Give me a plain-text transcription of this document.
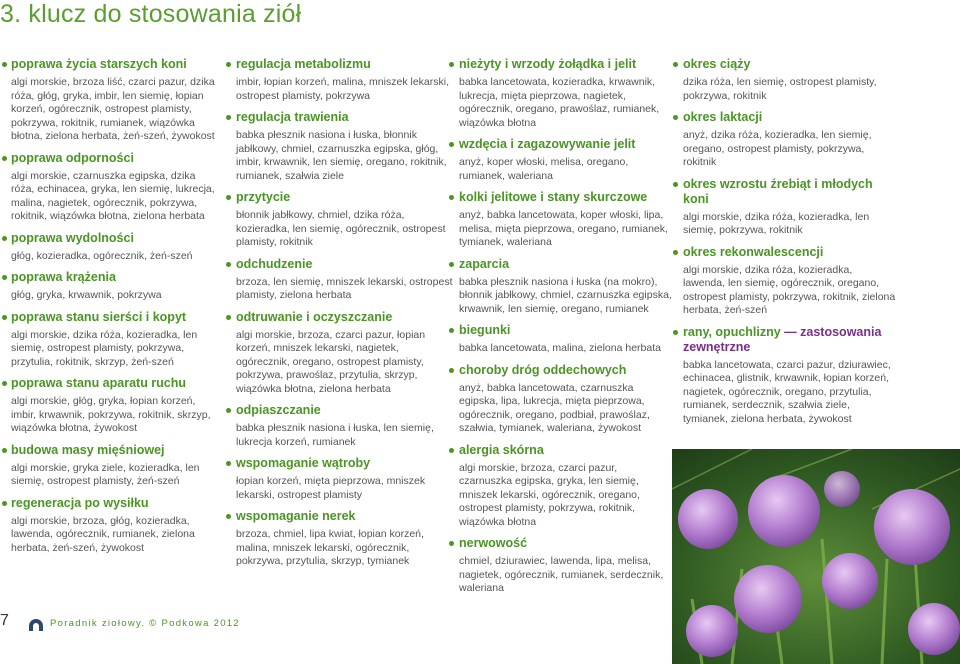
3. klucz do stosowania ziół
poprawa życia starszych koni
algi morskie, brzoza liść, czarci pazur, dzika róża, głóg, gryka, imbir, len siemię, łopian korzeń, ogórecznik, ostropest plamisty, pokrzywa, rokitnik, rumianek, wiązówka błotna, zielona herbata, żeń-szeń, żywokost
poprawa odporności
algi morskie, czarnuszka egipska, dzika róża, echinacea, gryka, len siemię, lukrecja, malina, nagietek, ogórecznik, pokrzywa, rokitnik, wiązówka błotna, zielona herbata
poprawa wydolności
głóg, kozieradka, ogórecznik, żeń-szeń
poprawa krążenia
głóg, gryka, krwawnik, pokrzywa
poprawa stanu sierści i kopyt
algi morskie, dzika róża, kozieradka, len siemię, ostropest plamisty, pokrzywa, przytulia, rokitnik, skrzyp, żeń-szeń
poprawa stanu aparatu ruchu
algi morskie, głóg, gryka, łopian korzeń, imbir, krwawnik, pokrzywa, rokitnik, skrzyp, wiązówka błotna, żywokost
budowa masy mięśniowej
algi morskie, gryka ziele, kozieradka, len siemię, ostropest plamisty, żeń-szeń
regeneracja po wysiłku
algi morskie, brzoza, głóg, kozieradka, lawenda, ogórecznik, rumianek, zielona herbata, żeń-szeń, żywokost
regulacja metabolizmu
imbir, łopian korzeń, malina, mniszek lekarski, ostropest plamisty, pokrzywa
regulacja trawienia
babka płesznik nasiona i łuska, błonnik jabłkowy, chmiel, czarnuszka egipska, głóg, imbir, krwawnik, len siemię, oregano, rokitnik, rumianek, szałwia ziele
przytycie
błonnik jabłkowy, chmiel, dzika róża, kozieradka, len siemię, ogórecznik, ostropest plamisty, rokitnik
odchudzenie
brzoza, len siemię, mniszek lekarski, ostropest plamisty, zielona herbata
odtruwanie i oczyszczanie
algi morskie, brzoza, czarci pazur, łopian korzeń, mniszek lekarski, nagietek, ogórecznik, oregano, ostropest plamisty, pokrzywa, prawoślaz, przytulia, skrzyp, wiązówka błotna, zielona herbata
odpiaszczanie
babka płesznik nasiona i łuska, len siemię, lukrecja korzeń, rumianek
wspomaganie wątroby
łopian korzeń, mięta pieprzowa, mniszek lekarski, ostropest plamisty
wspomaganie nerek
brzoza, chmiel, lipa kwiat, łopian korzeń, malina, mniszek lekarski, ogórecznik, pokrzywa, przytulia, skrzyp, tymianek
nieżyty i wrzody żołądka i jelit
babka lancetowata, kozieradka, krwawnik, lukrecja, mięta pieprzowa, nagietek, ogórecznik, oregano, prawoślaz, rumianek, wiązówka błotna
wzdęcia i zagazowywanie jelit
anyż, koper włoski, melisa, oregano, rumianek, waleriana
kolki jelitowe i stany skurczowe
anyż, babka lancetowata, koper włoski, lipa, melisa, mięta pieprzowa, oregano, rumianek, tymianek, waleriana
zaparcia
babka płesznik nasiona i łuska (na mokro), błonnik jabłkowy, chmiel, czarnuszka egipska, krwawnik, len siemię, oregano, rumianek
biegunki
babka lancetowata, malina, zielona herbata
choroby dróg oddechowych
anyż, babka lancetowata, czarnuszka egipska, lipa, lukrecja, mięta pieprzowa, ogórecznik, oregano, podbiał, prawoślaz, szałwia, tymianek, waleriana, żywokost
alergia skórna
algi morskie, brzoza, czarci pazur, czarnuszka egipska, gryka, len siemię, mniszek lekarski, ogórecznik, oregano, ostropest plamisty, pokrzywa, rokitnik, wiązówka błotna
nerwowość
chmiel, dziurawiec, lawenda, lipa, melisa, nagietek, ogórecznik, rumianek, serdecznik, waleriana
okres ciąży
dzika róża, len siemię, ostropest plamisty, pokrzywa, rokitnik
okres laktacji
anyż, dzika róża, kozieradka, len siemię, oregano, ostropest plamisty, pokrzywa, rokitnik
okres wzrostu źrebiąt i młodych koni
algi morskie, dzika róża, kozieradka, len siemię, pokrzywa, rokitnik
okres rekonwalescencji
algi morskie, dzika róża, kozieradka, lawenda, len siemię, ogórecznik, oregano, ostropest plamisty, pokrzywa, rokitnik, zielona herbata, żeń-szeń
rany, opuchlizny — zastosowania zewnętrzne
babka lancetowata, czarci pazur, dziurawiec, echinacea, glistnik, krwawnik, łopian korzeń, nagietek, ogórecznik, oregano, przytulia, rumianek, serdecznik, szałwia ziele, tymianek, zielona herbata, żywokost
7	Poradnik ziołowy. © Podkowa 2012
